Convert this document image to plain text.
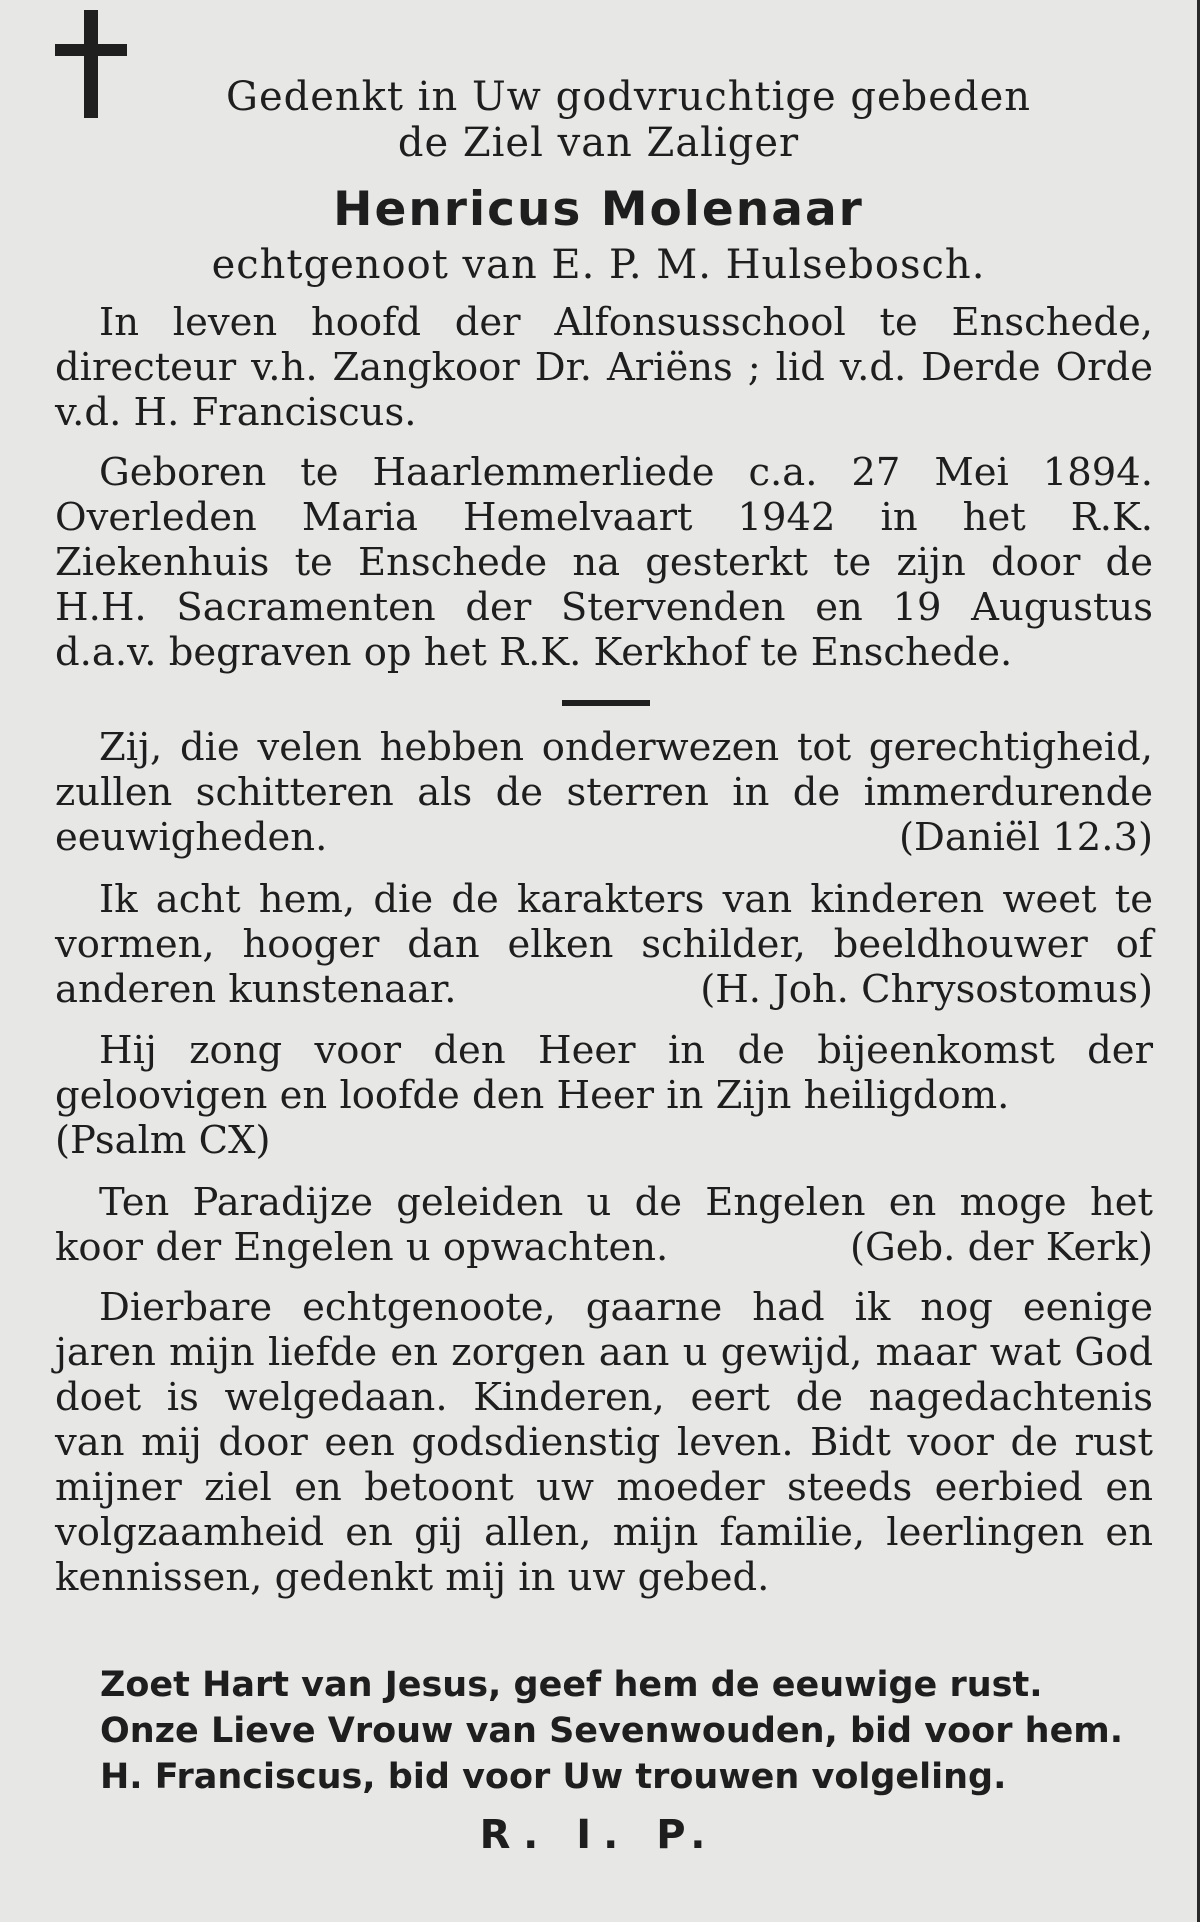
Gedenkt in Uw godvruchtige gebeden
de Ziel van Zaliger
Henricus Molenaar
echtgenoot van E. P. M. Hulsebosch.
In leven hoofd der Alfonsusschool te Enschede, directeur v.h. Zangkoor Dr. Ariëns ; lid v.d. Derde Orde v.d. H. Franciscus.
Geboren te Haarlemmerliede c.a. 27 Mei 1894. Overleden Maria Hemelvaart 1942 in het R.K. Ziekenhuis te Enschede na gesterkt te zijn door de H.H. Sacramenten der Stervenden en 19 Augustus d.a.v. begraven op het R.K. Kerkhof te Enschede.
Zij, die velen hebben onderwezen tot gerechtigheid, zullen schitteren als de sterren in de immerdurende eeuwigheden.	(Daniël 12.3)
Ik acht hem, die de karakters van kinderen weet te vormen, hooger dan elken schilder, beeldhouwer of anderen kunstenaar.	(H. Joh. Chrysostomus)
Hij zong voor den Heer in de bijeenkomst der geloovigen en loofde den Heer in Zijn heiligdom.
(Psalm CX)
Ten Paradijze geleiden u de Engelen en moge het koor der Engelen u opwachten.	(Geb. der Kerk)
Dierbare echtgenoote, gaarne had ik nog eenige jaren mijn liefde en zorgen aan u gewijd, maar wat God doet is welgedaan. Kinderen, eert de nagedachtenis van mij door een godsdienstig leven. Bidt voor de rust mijner ziel en betoont uw moeder steeds eerbied en volgzaamheid en gij allen, mijn familie, leerlingen en kennissen, gedenkt mij in uw gebed.
Zoet Hart van Jesus, geef hem de eeuwige rust.
Onze Lieve Vrouw van Sevenwouden, bid voor hem.
H. Franciscus, bid voor Uw trouwen volgeling.
R. I. P.
